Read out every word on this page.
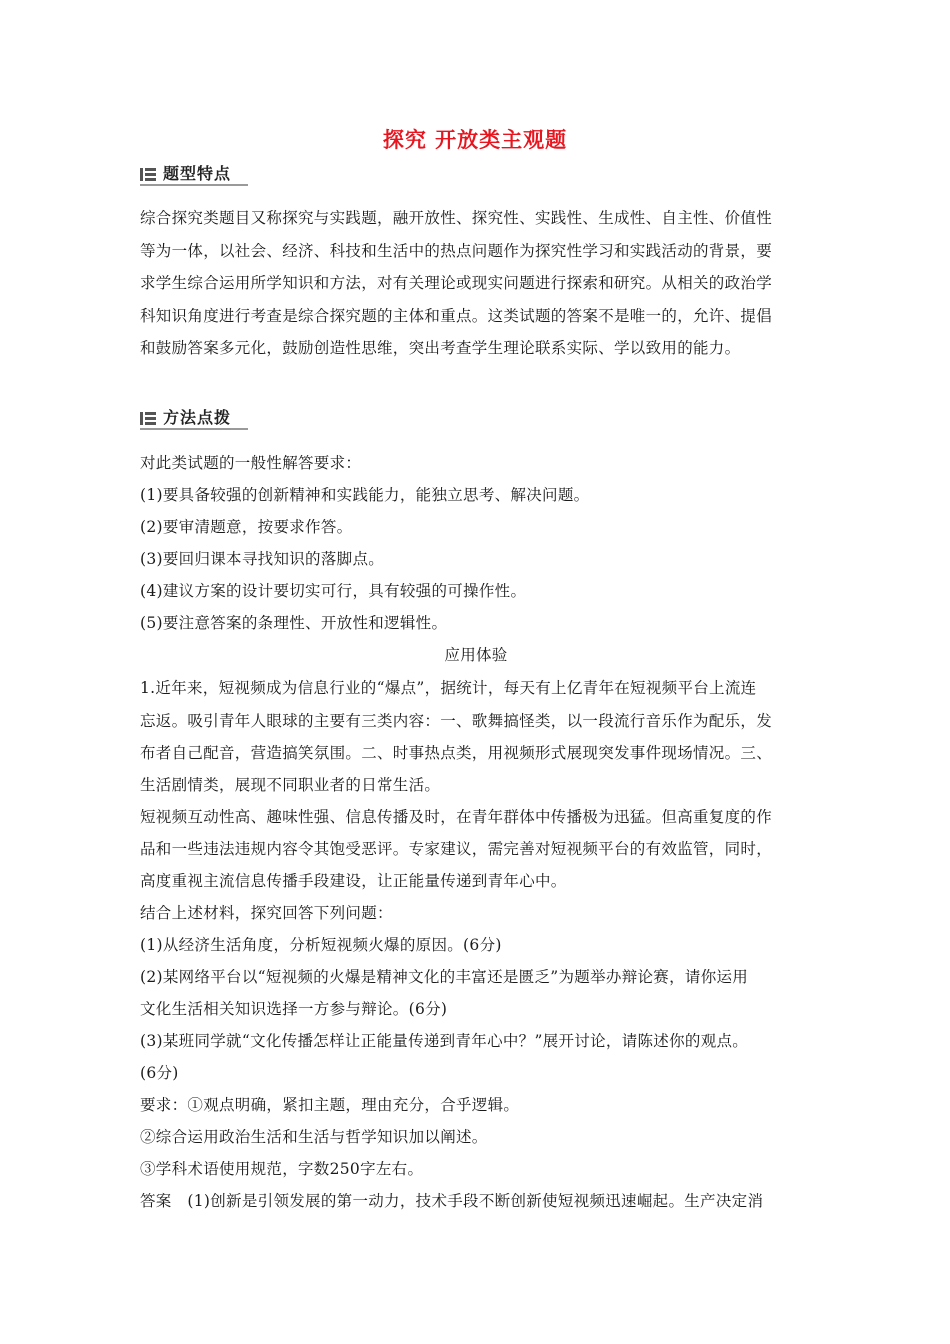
探究 开放类主观题
题型特点
综合探究类题目又称探究与实践题，融开放性、探究性、实践性、生成性、自主性、价值性
等为一体，以社会、经济、科技和生活中的热点问题作为探究性学习和实践活动的背景，要
求学生综合运用所学知识和方法，对有关理论或现实问题进行探索和研究。从相关的政治学
科知识角度进行考查是综合探究题的主体和重点。这类试题的答案不是唯一的，允许、提倡
和鼓励答案多元化，鼓励创造性思维，突出考查学生理论联系实际、学以致用的能力。
方法点拨
对此类试题的一般性解答要求：
(1)要具备较强的创新精神和实践能力，能独立思考、解决问题。
(2)要审清题意，按要求作答。
(3)要回归课本寻找知识的落脚点。
(4)建议方案的设计要切实可行，具有较强的可操作性。
(5)要注意答案的条理性、开放性和逻辑性。
应用体验
1.近年来，短视频成为信息行业的“爆点”，据统计，每天有上亿青年在短视频平台上流连
忘返。吸引青年人眼球的主要有三类内容：一、歌舞搞怪类，以一段流行音乐作为配乐，发
布者自己配音，营造搞笑氛围。二、时事热点类，用视频形式展现突发事件现场情况。三、
生活剧情类，展现不同职业者的日常生活。
短视频互动性高、趣味性强、信息传播及时，在青年群体中传播极为迅猛。但高重复度的作
品和一些违法违规内容令其饱受恶评。专家建议，需完善对短视频平台的有效监管，同时，
高度重视主流信息传播手段建设，让正能量传递到青年心中。
结合上述材料，探究回答下列问题：
(1)从经济生活角度，分析短视频火爆的原因。(6分)
(2)某网络平台以“短视频的火爆是精神文化的丰富还是匮乏”为题举办辩论赛，请你运用
文化生活相关知识选择一方参与辩论。(6分)
(3)某班同学就“文化传播怎样让正能量传递到青年心中？”展开讨论，请陈述你的观点。
(6分)
要求：①观点明确，紧扣主题，理由充分，合乎逻辑。
②综合运用政治生活和生活与哲学知识加以阐述。
③学科术语使用规范，字数250字左右。
答案　(1)创新是引领发展的第一动力，技术手段不断创新使短视频迅速崛起。生产决定消
